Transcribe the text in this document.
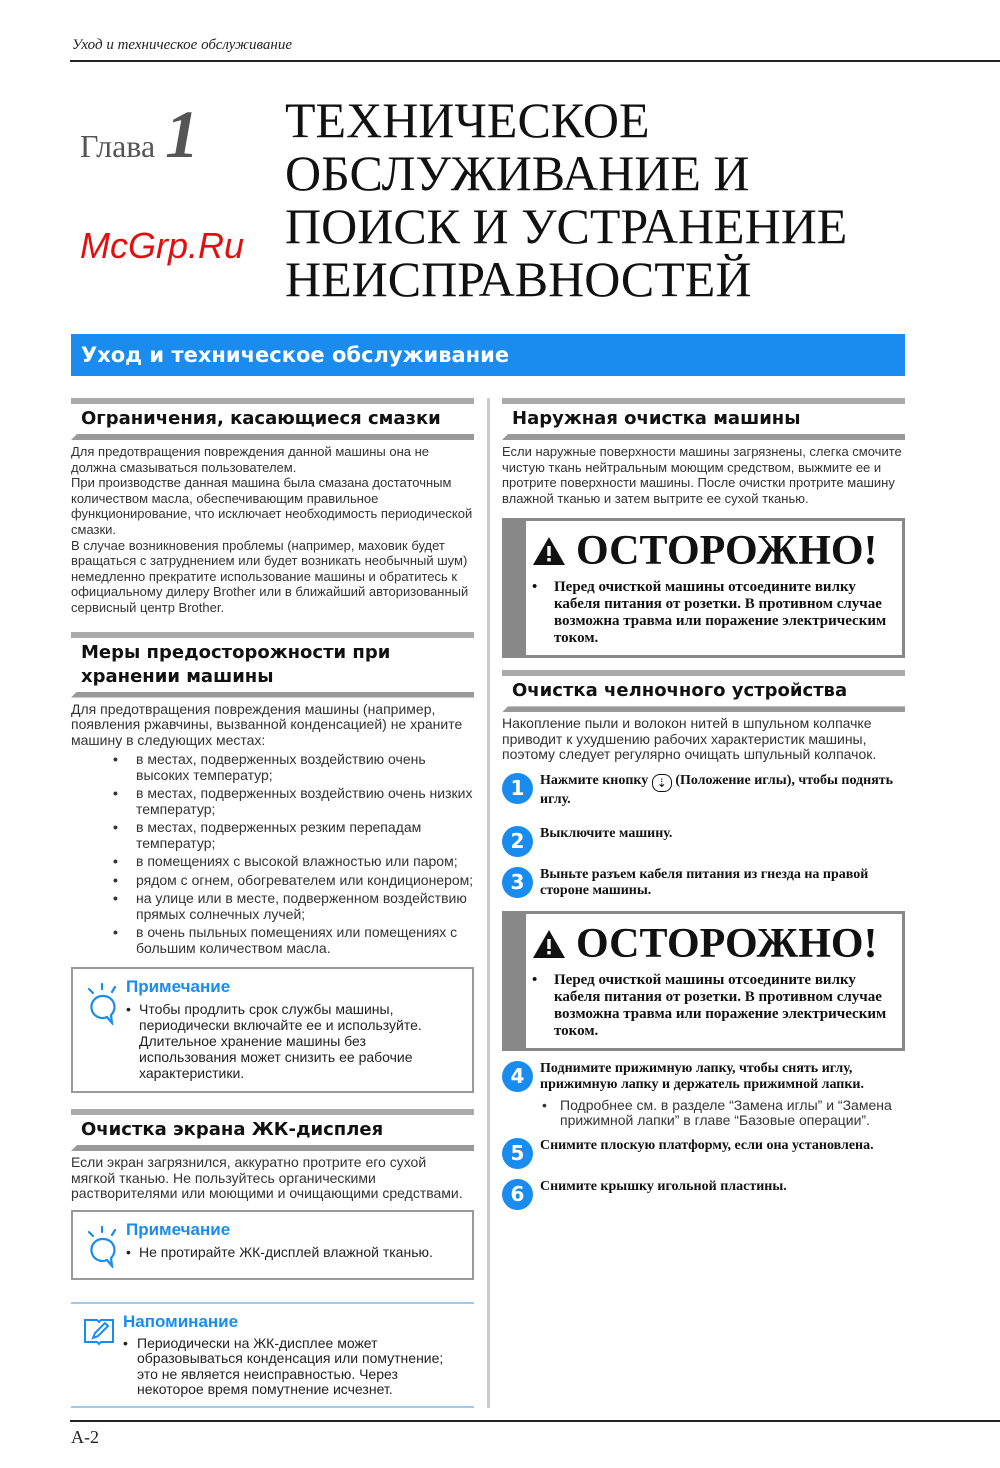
Уход и техническое обслуживание
Глава 1
McGrp.Ru
ТЕХНИЧЕСКОЕ
ОБСЛУЖИВАНИЕ И
ПОИСК И УСТРАНЕНИЕ
НЕИСПРАВНОСТЕЙ
Уход и техническое обслуживание
Ограничения, касающиеся смазки
Для предотвращения повреждения данной машины она не должна смазываться пользователем.
При производстве данная машина была смазана достаточным количеством масла, обеспечивающим правильное функционирование, что исключает необходимость периодической смазки.
В случае возникновения проблемы (например, маховик будет вращаться с затруднением или будет возникать необычный шум) немедленно прекратите использование машины и обратитесь к официальному дилеру Brother или в ближайший авторизованный сервисный центр Brother.
Меры предосторожности при хранении машины
Для предотвращения повреждения машины (например, появления ржавчины, вызванной конденсацией) не храните машину в следующих местах:
• в местах, подверженных воздействию очень высоких температур;
• в местах, подверженных воздействию очень низких температур;
• в местах, подверженных резким перепадам температур;
• в помещениях с высокой влажностью или паром;
• рядом с огнем, обогревателем или кондиционером;
• на улице или в месте, подверженном воздействию прямых солнечных лучей;
• в очень пыльных помещениях или помещениях с большим количеством масла.
Примечание
• Чтобы продлить срок службы машины, периодически включайте ее и используйте. Длительное хранение машины без использования может снизить ее рабочие характеристики.
Очистка экрана ЖК-дисплея
Если экран загрязнился, аккуратно протрите его сухой мягкой тканью. Не пользуйтесь органическими растворителями или моющими и очищающими средствами.
Примечание
• Не протирайте ЖК-дисплей влажной тканью.
Напоминание
• Периодически на ЖК-дисплее может образовываться конденсация или помутнение; это не является неисправностью. Через некоторое время помутнение исчезнет.
Наружная очистка машины
Если наружные поверхности машины загрязнены, слегка смочите чистую ткань нейтральным моющим средством, выжмите ее и протрите поверхности машины. После очистки протрите машину влажной тканью и затем вытрите ее сухой тканью.
ОСТОРОЖНО!
• Перед очисткой машины отсоедините вилку кабеля питания от розетки. В противном случае возможна травма или поражение электрическим током.
Очистка челночного устройства
Накопление пыли и волокон нитей в шпульном колпачке приводит к ухудшению рабочих характеристик машины, поэтому следует регулярно очищать шпульный колпачок.
1	Нажмите кнопку ⇣ (Положение иглы), чтобы поднять иглу.
2	Выключите машину.
3	Выньте разъем кабеля питания из гнезда на правой стороне машины.
ОСТОРОЖНО!
• Перед очисткой машины отсоедините вилку кабеля питания от розетки. В противном случае возможна травма или поражение электрическим током.
4	Поднимите прижимную лапку, чтобы снять иглу, прижимную лапку и держатель прижимной лапки.
• Подробнее см. в разделе “Замена иглы” и “Замена прижимной лапки” в главе “Базовые операции”.
5	Снимите плоскую платформу, если она установлена.
6	Снимите крышку игольной пластины.
A-2
